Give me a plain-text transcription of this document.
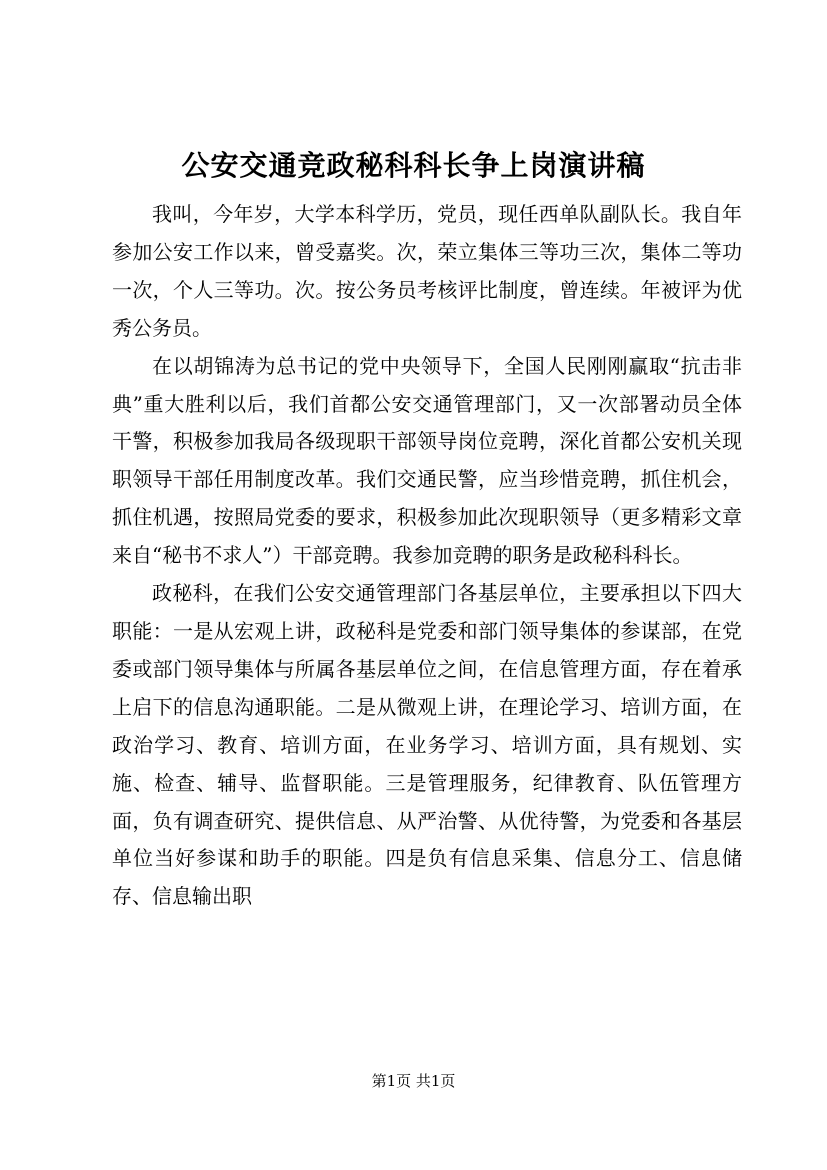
公安交通竞政秘科科长争上岗演讲稿

我叫，今年岁，大学本科学历，党员，现任西单队副队长。我自年参加公安工作以来，曾受嘉奖。次，荣立集体三等功三次，集体二等功一次，个人三等功。次。按公务员考核评比制度，曾连续。年被评为优秀公务员。

在以胡锦涛为总书记的党中央领导下，全国人民刚刚赢取“抗击非典”重大胜利以后，我们首都公安交通管理部门，又一次部署动员全体干警，积极参加我局各级现职干部领导岗位竞聘，深化首都公安机关现职领导干部任用制度改革。我们交通民警，应当珍惜竞聘，抓住机会，抓住机遇，按照局党委的要求，积极参加此次现职领导（更多精彩文章来自“秘书不求人”）干部竞聘。我参加竞聘的职务是政秘科科长。

政秘科，在我们公安交通管理部门各基层单位，主要承担以下四大职能：一是从宏观上讲，政秘科是党委和部门领导集体的参谋部，在党委或部门领导集体与所属各基层单位之间，在信息管理方面，存在着承上启下的信息沟通职能。二是从微观上讲，在理论学习、培训方面，在政治学习、教育、培训方面，在业务学习、培训方面，具有规划、实施、检查、辅导、监督职能。三是管理服务，纪律教育、队伍管理方面，负有调查研究、提供信息、从严治警、从优待警，为党委和各基层单位当好参谋和助手的职能。四是负有信息采集、信息分工、信息储存、信息输出职

第1页 共1页
